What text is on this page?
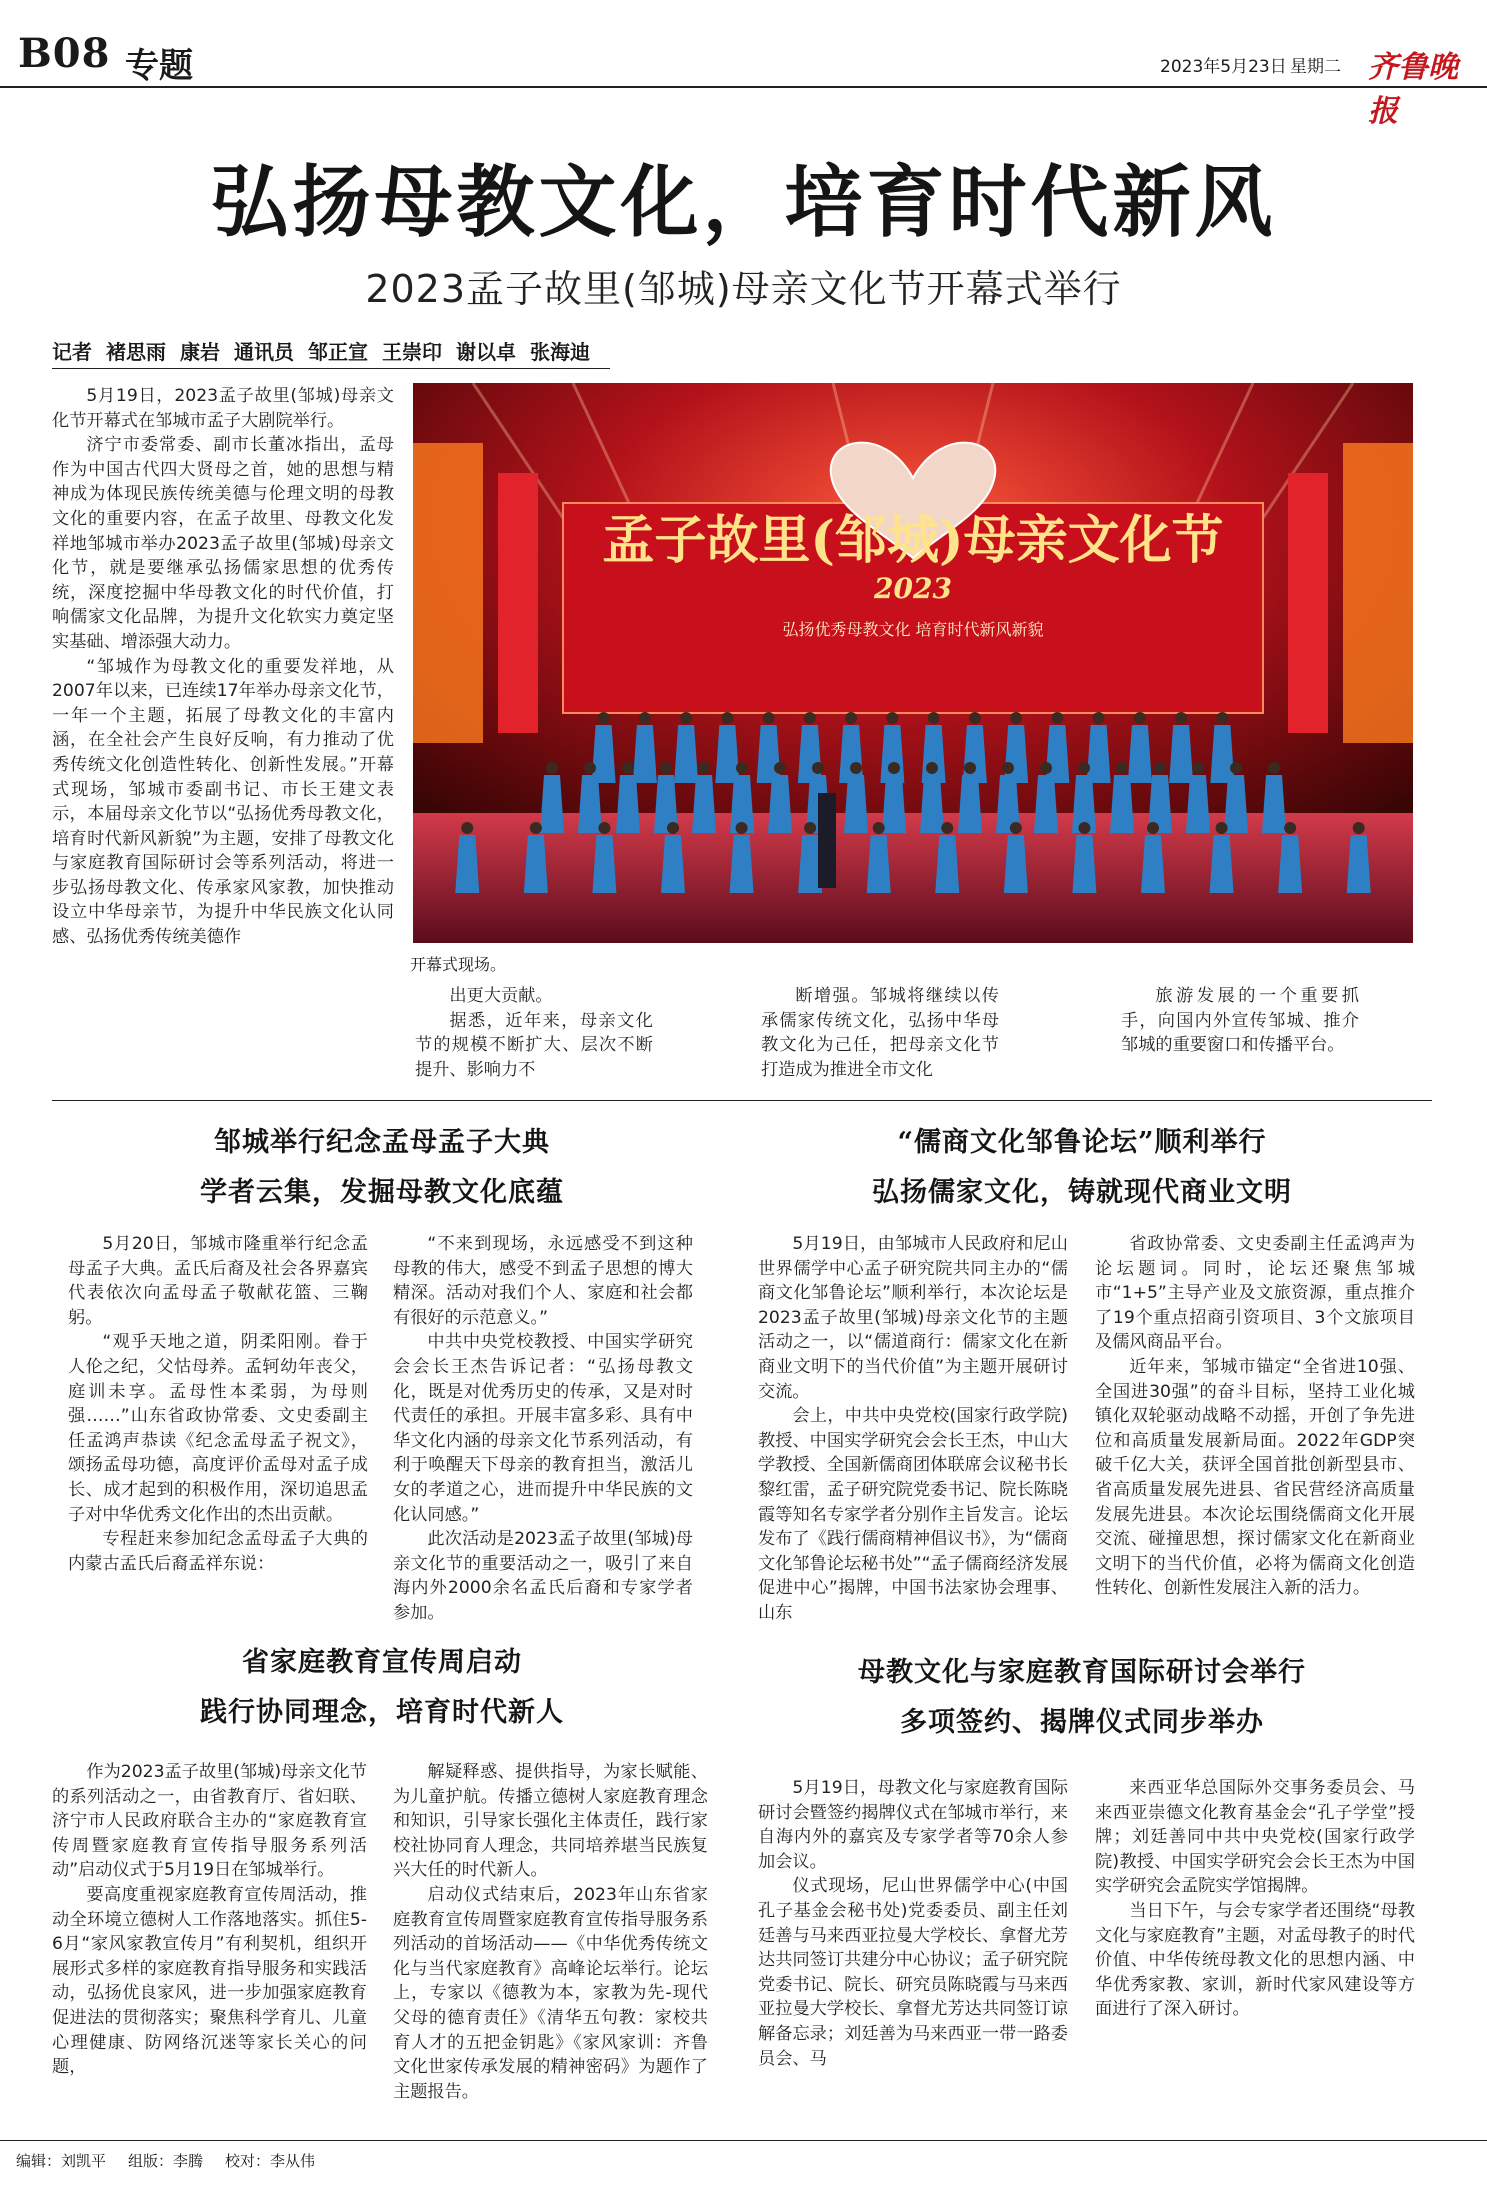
B08 专题	2023年5月23日 星期二 齐鲁晚报
弘扬母教文化，培育时代新风
2023孟子故里(邹城)母亲文化节开幕式举行
记者 褚思雨 康岩 通讯员 邹正宣 王崇印 谢以卓 张海迪

5月19日，2023孟子故里(邹城)母亲文化节开幕式在邹城市孟子大剧院举行。

济宁市委常委、副市长董冰指出，孟母作为中国古代四大贤母之首，她的思想与精神成为体现民族传统美德与伦理文明的母教文化的重要内容，在孟子故里、母教文化发祥地邹城市举办2023孟子故里(邹城)母亲文化节，就是要继承弘扬儒家思想的优秀传统，深度挖掘中华母教文化的时代价值，打响儒家文化品牌，为提升文化软实力奠定坚实基础、增添强大动力。

“邹城作为母教文化的重要发祥地，从2007年以来，已连续17年举办母亲文化节，一年一个主题，拓展了母教文化的丰富内涵，在全社会产生良好反响，有力推动了优秀传统文化创造性转化、创新性发展。”开幕式现场，邹城市委副书记、市长王建文表示，本届母亲文化节以“弘扬优秀母教文化，培育时代新风新貌”为主题，安排了母教文化与家庭教育国际研讨会等系列活动，将进一步弘扬母教文化、传承家风家教，加快推动设立中华母亲节，为提升中华民族文化认同感、弘扬优秀传统美德作

孟子故里(邹城)母亲文化节
2023
弘扬优秀母教文化 培育时代新风新貌
开幕式现场。

出更大贡献。

据悉，近年来，母亲文化节的规模不断扩大、层次不断提升、影响力不

断增强。邹城将继续以传承儒家传统文化，弘扬中华母教文化为己任，把母亲文化节打造成为推进全市文化

旅游发展的一个重要抓手，向国内外宣传邹城、推介邹城的重要窗口和传播平台。

邹城举行纪念孟母孟子大典
学者云集，发掘母教文化底蕴

5月20日，邹城市隆重举行纪念孟母孟子大典。孟氏后裔及社会各界嘉宾代表依次向孟母孟子敬献花篮、三鞠躬。

“观乎天地之道，阴柔阳刚。眷于人伦之纪，父怙母养。孟轲幼年丧父，庭训未享。孟母性本柔弱，为母则强……”山东省政协常委、文史委副主任孟鸿声恭读《纪念孟母孟子祝文》，颂扬孟母功德，高度评价孟母对孟子成长、成才起到的积极作用，深切追思孟子对中华优秀文化作出的杰出贡献。

专程赶来参加纪念孟母孟子大典的内蒙古孟氏后裔孟祥东说：

“不来到现场，永远感受不到这种母教的伟大，感受不到孟子思想的博大精深。活动对我们个人、家庭和社会都有很好的示范意义。”

中共中央党校教授、中国实学研究会会长王杰告诉记者：“弘扬母教文化，既是对优秀历史的传承，又是对时代责任的承担。开展丰富多彩、具有中华文化内涵的母亲文化节系列活动，有利于唤醒天下母亲的教育担当，激活儿女的孝道之心，进而提升中华民族的文化认同感。”

此次活动是2023孟子故里(邹城)母亲文化节的重要活动之一，吸引了来自海内外2000余名孟氏后裔和专家学者参加。

“儒商文化邹鲁论坛”顺利举行
弘扬儒家文化，铸就现代商业文明

5月19日，由邹城市人民政府和尼山世界儒学中心孟子研究院共同主办的“儒商文化邹鲁论坛”顺利举行，本次论坛是2023孟子故里(邹城)母亲文化节的主题活动之一，以“儒道商行：儒家文化在新商业文明下的当代价值”为主题开展研讨交流。

会上，中共中央党校(国家行政学院)教授、中国实学研究会会长王杰，中山大学教授、全国新儒商团体联席会议秘书长黎红雷，孟子研究院党委书记、院长陈晓霞等知名专家学者分别作主旨发言。论坛发布了《践行儒商精神倡议书》，为“儒商文化邹鲁论坛秘书处”“孟子儒商经济发展促进中心”揭牌，中国书法家协会理事、山东

省政协常委、文史委副主任孟鸿声为论坛题词。同时，论坛还聚焦邹城市“1+5”主导产业及文旅资源，重点推介了19个重点招商引资项目、3个文旅项目及儒风商品平台。

近年来，邹城市锚定“全省进10强、全国进30强”的奋斗目标，坚持工业化城镇化双轮驱动战略不动摇，开创了争先进位和高质量发展新局面。2022年GDP突破千亿大关，获评全国首批创新型县市、省高质量发展先进县、省民营经济高质量发展先进县。本次论坛围绕儒商文化开展交流、碰撞思想，探讨儒家文化在新商业文明下的当代价值，必将为儒商文化创造性转化、创新性发展注入新的活力。

省家庭教育宣传周启动
践行协同理念，培育时代新人

作为2023孟子故里(邹城)母亲文化节的系列活动之一，由省教育厅、省妇联、济宁市人民政府联合主办的“家庭教育宣传周暨家庭教育宣传指导服务系列活动”启动仪式于5月19日在邹城举行。

要高度重视家庭教育宣传周活动，推动全环境立德树人工作落地落实。抓住5-6月“家风家教宣传月”有利契机，组织开展形式多样的家庭教育指导服务和实践活动，弘扬优良家风，进一步加强家庭教育促进法的贯彻落实；聚焦科学育儿、儿童心理健康、防网络沉迷等家长关心的问题，

解疑释惑、提供指导，为家长赋能、为儿童护航。传播立德树人家庭教育理念和知识，引导家长强化主体责任，践行家校社协同育人理念，共同培养堪当民族复兴大任的时代新人。

启动仪式结束后，2023年山东省家庭教育宣传周暨家庭教育宣传指导服务系列活动的首场活动——《中华优秀传统文化与当代家庭教育》高峰论坛举行。论坛上，专家以《德教为本，家教为先-现代父母的德育责任》《清华五句教：家校共育人才的五把金钥匙》《家风家训：齐鲁文化世家传承发展的精神密码》为题作了主题报告。

母教文化与家庭教育国际研讨会举行
多项签约、揭牌仪式同步举办

5月19日，母教文化与家庭教育国际研讨会暨签约揭牌仪式在邹城市举行，来自海内外的嘉宾及专家学者等70余人参加会议。

仪式现场，尼山世界儒学中心(中国孔子基金会秘书处)党委委员、副主任刘廷善与马来西亚拉曼大学校长、拿督尤芳达共同签订共建分中心协议；孟子研究院党委书记、院长、研究员陈晓霞与马来西亚拉曼大学校长、拿督尤芳达共同签订谅解备忘录；刘廷善为马来西亚一带一路委员会、马

来西亚华总国际外交事务委员会、马来西亚崇德文化教育基金会“孔子学堂”授牌；刘廷善同中共中央党校(国家行政学院)教授、中国实学研究会会长王杰为中国实学研究会孟院实学馆揭牌。

当日下午，与会专家学者还围绕“母教文化与家庭教育”主题，对孟母教子的时代价值、中华传统母教文化的思想内涵、中华优秀家教、家训，新时代家风建设等方面进行了深入研讨。

编辑：刘凯平 组版：李腾 校对：李从伟
